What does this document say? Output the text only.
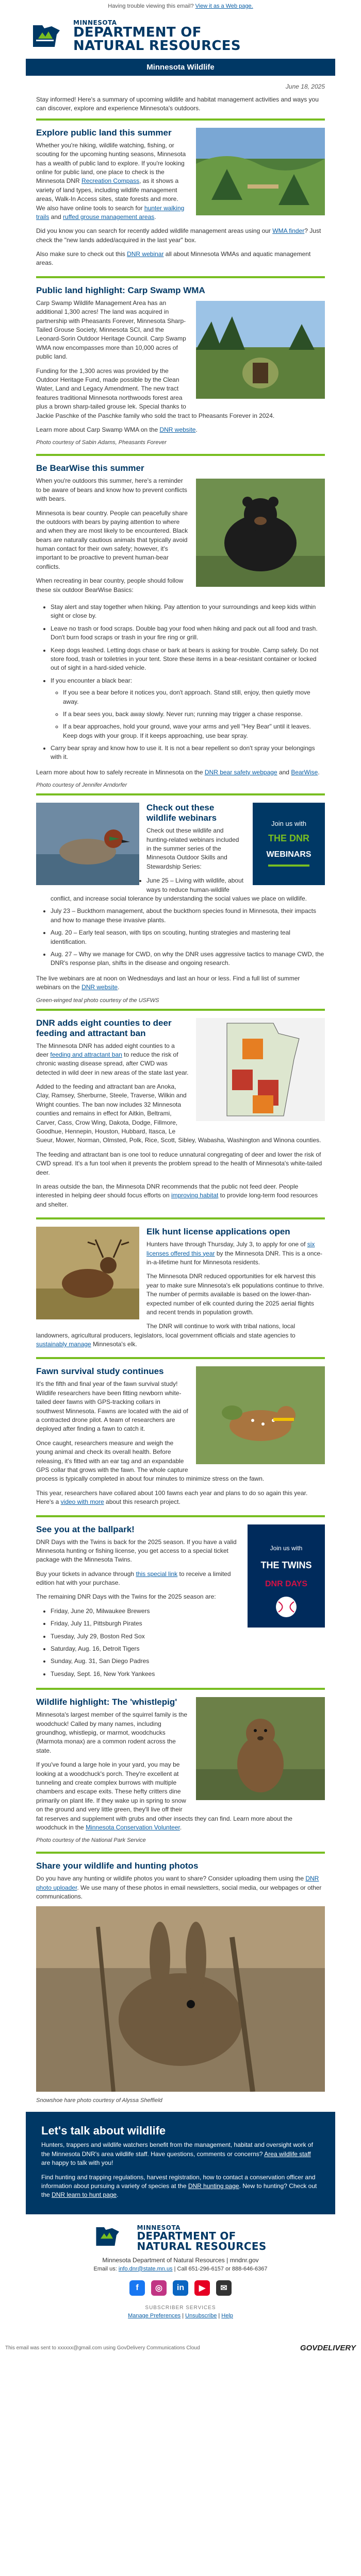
Having trouble viewing this email? View it as a Web page.
MINNESOTA
DEPARTMENT OF
NATURAL RESOURCES
Minnesota Wildlife
June 18, 2025

Stay informed! Here's a summary of upcoming wildlife and habitat management activities and ways you can discover, explore and experience Minnesota's outdoors.

Explore public land this summer

Whether you're hiking, wildlife watching, fishing, or scouting for the upcoming hunting seasons, Minnesota has a wealth of public land to explore. If you're looking online for public land, one place to check is the Minnesota DNR Recreation Compass, as it shows a variety of land types, including wildlife management areas, Walk-In Access sites, state forests and more. We also have online tools to search for hunter walking trails and ruffed grouse management areas.

Did you know you can search for recently added wildlife management areas using our WMA finder? Just check the "new lands added/acquired in the last year" box.

Also make sure to check out this DNR webinar all about Minnesota WMAs and aquatic management areas.

Public land highlight: Carp Swamp WMA

Carp Swamp Wildlife Management Area has an additional 1,300 acres! The land was acquired in partnership with Pheasants Forever, Minnesota Sharp-Tailed Grouse Society, Minnesota SCI, and the Leonard-Sorin Outdoor Heritage Council. Carp Swamp WMA now encompasses more than 10,000 acres of public land.

Funding for the 1,300 acres was provided by the Outdoor Heritage Fund, made possible by the Clean Water, Land and Legacy Amendment. The new tract features traditional Minnesota northwoods forest area plus a brown sharp-tailed grouse lek. Special thanks to Jackie Paschke of the Paschke family who sold the tract to Pheasants Forever in 2024.

Learn more about Carp Swamp WMA on the DNR website.

Photo courtesy of Sabin Adams, Pheasants Forever
Be BearWise this summer

When you're outdoors this summer, here's a reminder to be aware of bears and know how to prevent conflicts with bears.

Minnesota is bear country. People can peacefully share the outdoors with bears by paying attention to where and when they are most likely to be encountered. Black bears are naturally cautious animals that typically avoid human contact for their own safety; however, it's important to be proactive to prevent human-bear conflicts.

When recreating in bear country, people should follow these six outdoor BearWise Basics:

• Stay alert and stay together when hiking. Pay attention to your surroundings and keep kids within sight or close by.
• Leave no trash or food scraps. Double bag your food when hiking and pack out all food and trash. Don't burn food scraps or trash in your fire ring or grill.
• Keep dogs leashed. Letting dogs chase or bark at bears is asking for trouble. Camp safely. Do not store food, trash or toiletries in your tent. Store these items in a bear-resistant container or locked out of sight in a hard-sided vehicle.
• If you encounter a black bear:
◦ If you see a bear before it notices you, don't approach. Stand still, enjoy, then quietly move away.
◦ If a bear sees you, back away slowly. Never run; running may trigger a chase response.
◦ If a bear approaches, hold your ground, wave your arms and yell "Hey Bear" until it leaves. Keep dogs with your group. If it keeps approaching, use bear spray.
• Carry bear spray and know how to use it. It is not a bear repellent so don't spray your belongings with it.

Learn more about how to safely recreate in Minnesota on the DNR bear safety webpage and BearWise.

Photo courtesy of Jennifer Arndorfer
Join us with
THE DNR
WEBINARS
Check out these wildlife webinars

Check out these wildlife and hunting-related webinars included in the summer series of the Minnesota Outdoor Skills and Stewardship Series:

• June 25 – Living with wildlife, about ways to reduce human-wildlife conflict, and increase social tolerance by understanding the social values we place on wildlife.
• July 23 – Buckthorn management, about the buckthorn species found in Minnesota, their impacts and how to manage these invasive plants.
• Aug. 20 – Early teal season, with tips on scouting, hunting strategies and mastering teal identification.
• Aug. 27 – Why we manage for CWD, on why the DNR uses aggressive tactics to manage CWD, the DNR's response plan, shifts in the disease and ongoing research.

The live webinars are at noon on Wednesdays and last an hour or less. Find a full list of summer webinars on the DNR website.

Green-winged teal photo courtesy of the USFWS
DNR adds eight counties to deer feeding and attractant ban

The Minnesota DNR has added eight counties to a deer feeding and attractant ban to reduce the risk of chronic wasting disease spread, after CWD was detected in wild deer in new areas of the state last year.

Added to the feeding and attractant ban are Anoka, Clay, Ramsey, Sherburne, Steele, Traverse, Wilkin and Wright counties. The ban now includes 32 Minnesota counties and remains in effect for Aitkin, Beltrami, Carver, Cass, Crow Wing, Dakota, Dodge, Fillmore, Goodhue, Hennepin, Houston, Hubbard, Itasca, Le Sueur, Mower, Norman, Olmsted, Polk, Rice, Scott, Sibley, Wabasha, Washington and Winona counties.

The feeding and attractant ban is one tool to reduce unnatural congregating of deer and lower the risk of CWD spread. It's a fun tool when it prevents the problem spread to the health of Minnesota's white-tailed deer.

In areas outside the ban, the Minnesota DNR recommends that the public not feed deer. People interested in helping deer should focus efforts on improving habitat to provide long-term food resources and shelter.

Elk hunt license applications open

Hunters have through Thursday, July 3, to apply for one of six licenses offered this year by the Minnesota DNR. This is a once-in-a-lifetime hunt for Minnesota residents.

The Minnesota DNR reduced opportunities for elk harvest this year to make sure Minnesota's elk populations continue to thrive. The number of permits available is based on the lower-than-expected number of elk counted during the 2025 aerial flights and recent trends in population growth.

The DNR will continue to work with tribal nations, local landowners, agricultural producers, legislators, local government officials and state agencies to sustainably manage Minnesota's elk.

Fawn survival study continues

It's the fifth and final year of the fawn survival study! Wildlife researchers have been fitting newborn white-tailed deer fawns with GPS-tracking collars in southwest Minnesota. Fawns are located with the aid of a contracted drone pilot. A team of researchers are deployed after finding a fawn to catch it.

Once caught, researchers measure and weigh the young animal and check its overall health. Before releasing, it's fitted with an ear tag and an expandable GPS collar that grows with the fawn. The whole capture process is typically completed in about four minutes to minimize stress on the fawn.

This year, researchers have collared about 100 fawns each year and plans to do so again this year. Here's a video with more about this research project.

Join us with
THE TWINS
DNR DAYS
See you at the ballpark!

DNR Days with the Twins is back for the 2025 season. If you have a valid Minnesota hunting or fishing license, you get access to a special ticket package with the Minnesota Twins.

Buy your tickets in advance through this special link to receive a limited edition hat with your purchase.

The remaining DNR Days with the Twins for the 2025 season are:

• Friday, June 20, Milwaukee Brewers
• Friday, July 11, Pittsburgh Pirates
• Tuesday, July 29, Boston Red Sox
• Saturday, Aug. 16, Detroit Tigers
• Sunday, Aug. 31, San Diego Padres
• Tuesday, Sept. 16, New York Yankees
Wildlife highlight: The 'whistlepig'

Minnesota's largest member of the squirrel family is the woodchuck! Called by many names, including groundhog, whistlepig, or marmot, woodchucks (Marmota monax) are a common rodent across the state.

If you've found a large hole in your yard, you may be looking at a woodchuck's porch. They're excellent at tunneling and create complex burrows with multiple chambers and escape exits. These hefty critters dine primarily on plant life. If they wake up in spring to snow on the ground and very little green, they'll live off their fat reserves and supplement with grubs and other insects they can find. Learn more about the woodchuck in the Minnesota Conservation Volunteer.

Photo courtesy of the National Park Service
Share your wildlife and hunting photos

Do you have any hunting or wildlife photos you want to share? Consider uploading them using the DNR photo uploader. We use many of these photos in email newsletters, social media, our webpages or other communications.

Snowshoe hare photo courtesy of Alyssa Sheffield
Let's talk about wildlife

Hunters, trappers and wildlife watchers benefit from the management, habitat and oversight work of the Minnesota DNR's area wildlife staff. Have questions, comments or concerns? Area wildlife staff are happy to talk with you!

Find hunting and trapping regulations, harvest registration, how to contact a conservation officer and information about pursuing a variety of species at the DNR hunting page. New to hunting? Check out the DNR learn to hunt page.

MINNESOTA
DEPARTMENT OF
NATURAL RESOURCES
Minnesota Department of Natural Resources | mndnr.gov
Email us: info.dnr@state.mn.us | Call 651-296-6157 or 888-646-6367
f	◎	in	▶	✉
SUBSCRIBER SERVICES
Manage Preferences | Unsubscribe | Help
This email was sent to xxxxxx@gmail.com using GovDelivery Communications Cloud	GOVDELIVERY
